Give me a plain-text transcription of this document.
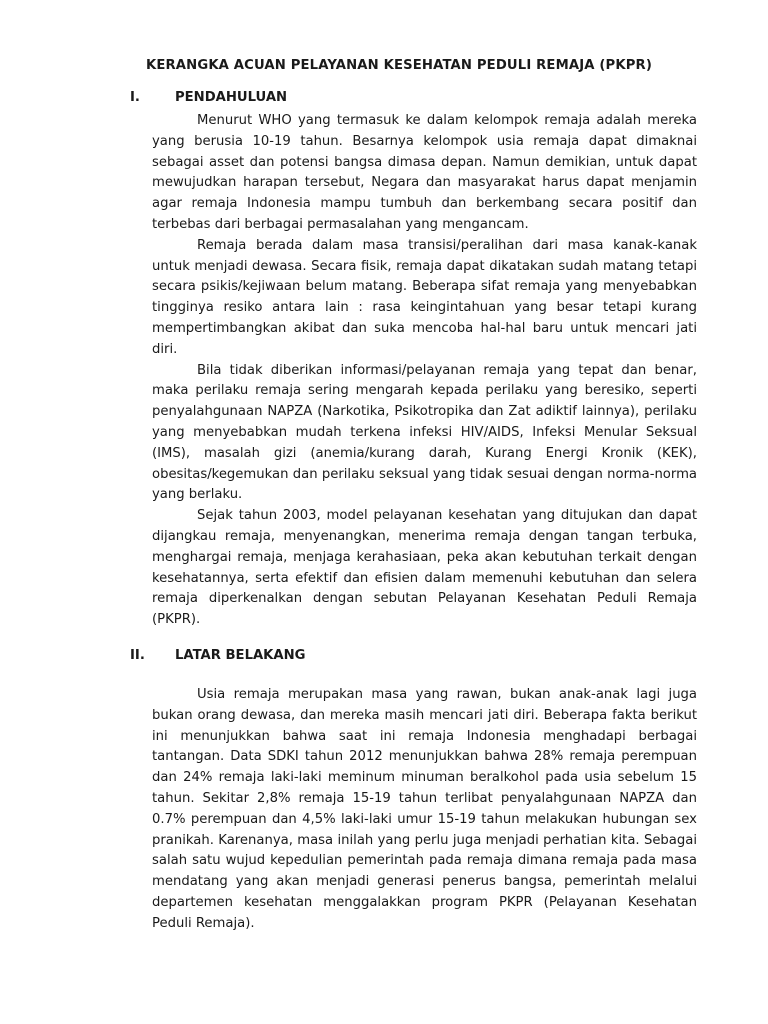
KERANGKA ACUAN PELAYANAN KESEHATAN PEDULI REMAJA (PKPR)
I.	PENDAHULUAN

Menurut WHO yang termasuk ke dalam kelompok remaja adalah mereka yang berusia 10-19 tahun. Besarnya kelompok usia remaja dapat dimaknai sebagai asset dan potensi bangsa dimasa depan. Namun demikian, untuk dapat mewujudkan harapan tersebut, Negara dan masyarakat harus dapat menjamin agar remaja Indonesia mampu tumbuh dan berkembang secara positif dan terbebas dari berbagai permasalahan yang mengancam.

Remaja berada dalam masa transisi/peralihan dari masa kanak-kanak untuk menjadi dewasa. Secara fisik, remaja dapat dikatakan sudah matang tetapi secara psikis/kejiwaan belum matang. Beberapa sifat remaja yang menyebabkan tingginya resiko antara lain : rasa keingintahuan yang besar tetapi kurang mempertimbangkan akibat dan suka mencoba hal-hal baru untuk mencari jati diri.

Bila tidak diberikan informasi/pelayanan remaja yang tepat dan benar, maka perilaku remaja sering mengarah kepada perilaku yang beresiko, seperti penyalahgunaan NAPZA (Narkotika, Psikotropika dan Zat adiktif lainnya), perilaku yang menyebabkan mudah terkena infeksi HIV/AIDS, Infeksi Menular Seksual (IMS), masalah gizi (anemia/kurang darah, Kurang Energi Kronik (KEK), obesitas/kegemukan dan perilaku seksual yang tidak sesuai dengan norma-norma yang berlaku.

Sejak tahun 2003, model pelayanan kesehatan yang ditujukan dan dapat dijangkau remaja, menyenangkan, menerima remaja dengan tangan terbuka, menghargai remaja, menjaga kerahasiaan, peka akan kebutuhan terkait dengan kesehatannya, serta efektif dan efisien dalam memenuhi kebutuhan dan selera remaja diperkenalkan dengan sebutan Pelayanan Kesehatan Peduli Remaja (PKPR).

II. LATAR BELAKANG

Usia remaja merupakan masa yang rawan, bukan anak-anak lagi juga bukan orang dewasa, dan mereka masih mencari jati diri. Beberapa fakta berikut ini menunjukkan bahwa saat ini remaja Indonesia menghadapi berbagai tantangan. Data SDKI tahun 2012 menunjukkan bahwa 28% remaja perempuan dan 24% remaja laki-laki meminum minuman beralkohol pada usia sebelum 15 tahun. Sekitar 2,8% remaja 15-19 tahun terlibat penyalahgunaan NAPZA dan 0.7% perempuan dan 4,5% laki-laki umur 15-19 tahun melakukan hubungan sex pranikah. Karenanya, masa inilah yang perlu juga menjadi perhatian kita. Sebagai salah satu wujud kepedulian pemerintah pada remaja dimana remaja pada masa mendatang yang akan menjadi generasi penerus bangsa, pemerintah melalui departemen kesehatan menggalakkan program PKPR (Pelayanan Kesehatan Peduli Remaja).
